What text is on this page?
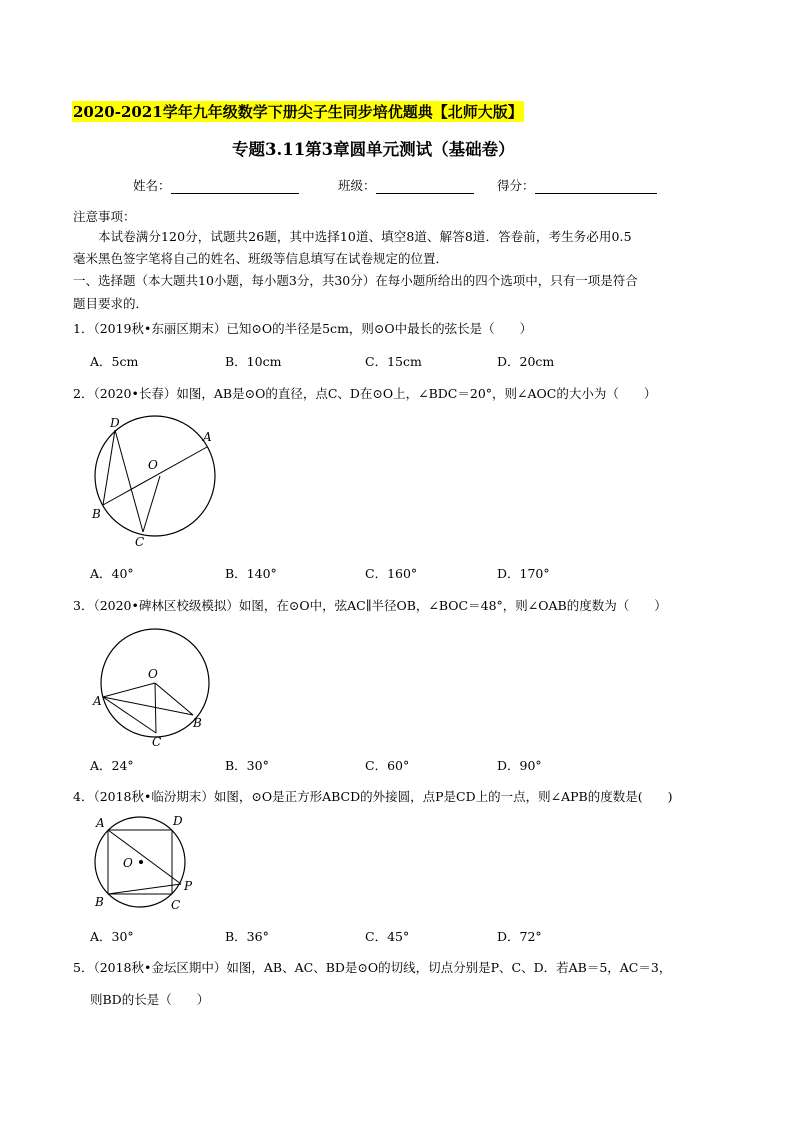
2020-2021学年九年级数学下册尖子生同步培优题典【北师大版】
专题3.11第3章圆单元测试（基础卷）
姓名：	班级：	得分：
注意事项：
本试卷满分120分，试题共26题，其中选择10道、填空8道、解答8道．答卷前，考生务必用0.5
毫米黑色签字笔将自己的姓名、班级等信息填写在试卷规定的位置．
一、选择题（本大题共10小题，每小题3分，共30分）在每小题所给出的四个选项中，只有一项是符合
题目要求的．
1．（2019秋•东丽区期末）已知⊙O的半径是5cm，则⊙O中最长的弦长是（　　）
A．5cm	B．10cm	C．15cm	D．20cm
2．（2020•长春）如图，AB是⊙O的直径，点C、D在⊙O上，∠BDC＝20°，则∠AOC的大小为（　　）
D
A
O
B
C
A．40°	B．140°	C．160°	D．170°
3．（2020•碑林区校级模拟）如图，在⊙O中，弦AC∥半径OB，∠BOC＝48°，则∠OAB的度数为（　　）
O
A
B
C
A．24°	B．30°	C．60°	D．90°
4．（2018秋•临汾期末）如图，⊙O是正方形ABCD的外接圆，点P是CD上的一点，则∠APB的度数是(　　)
A	D
O
P
B	C
A．30°	B．36°	C．45°	D．72°
5．（2018秋•金坛区期中）如图，AB、AC、BD是⊙O的切线，切点分别是P、C、D．若AB＝5，AC＝3，
则BD的长是（　　）
